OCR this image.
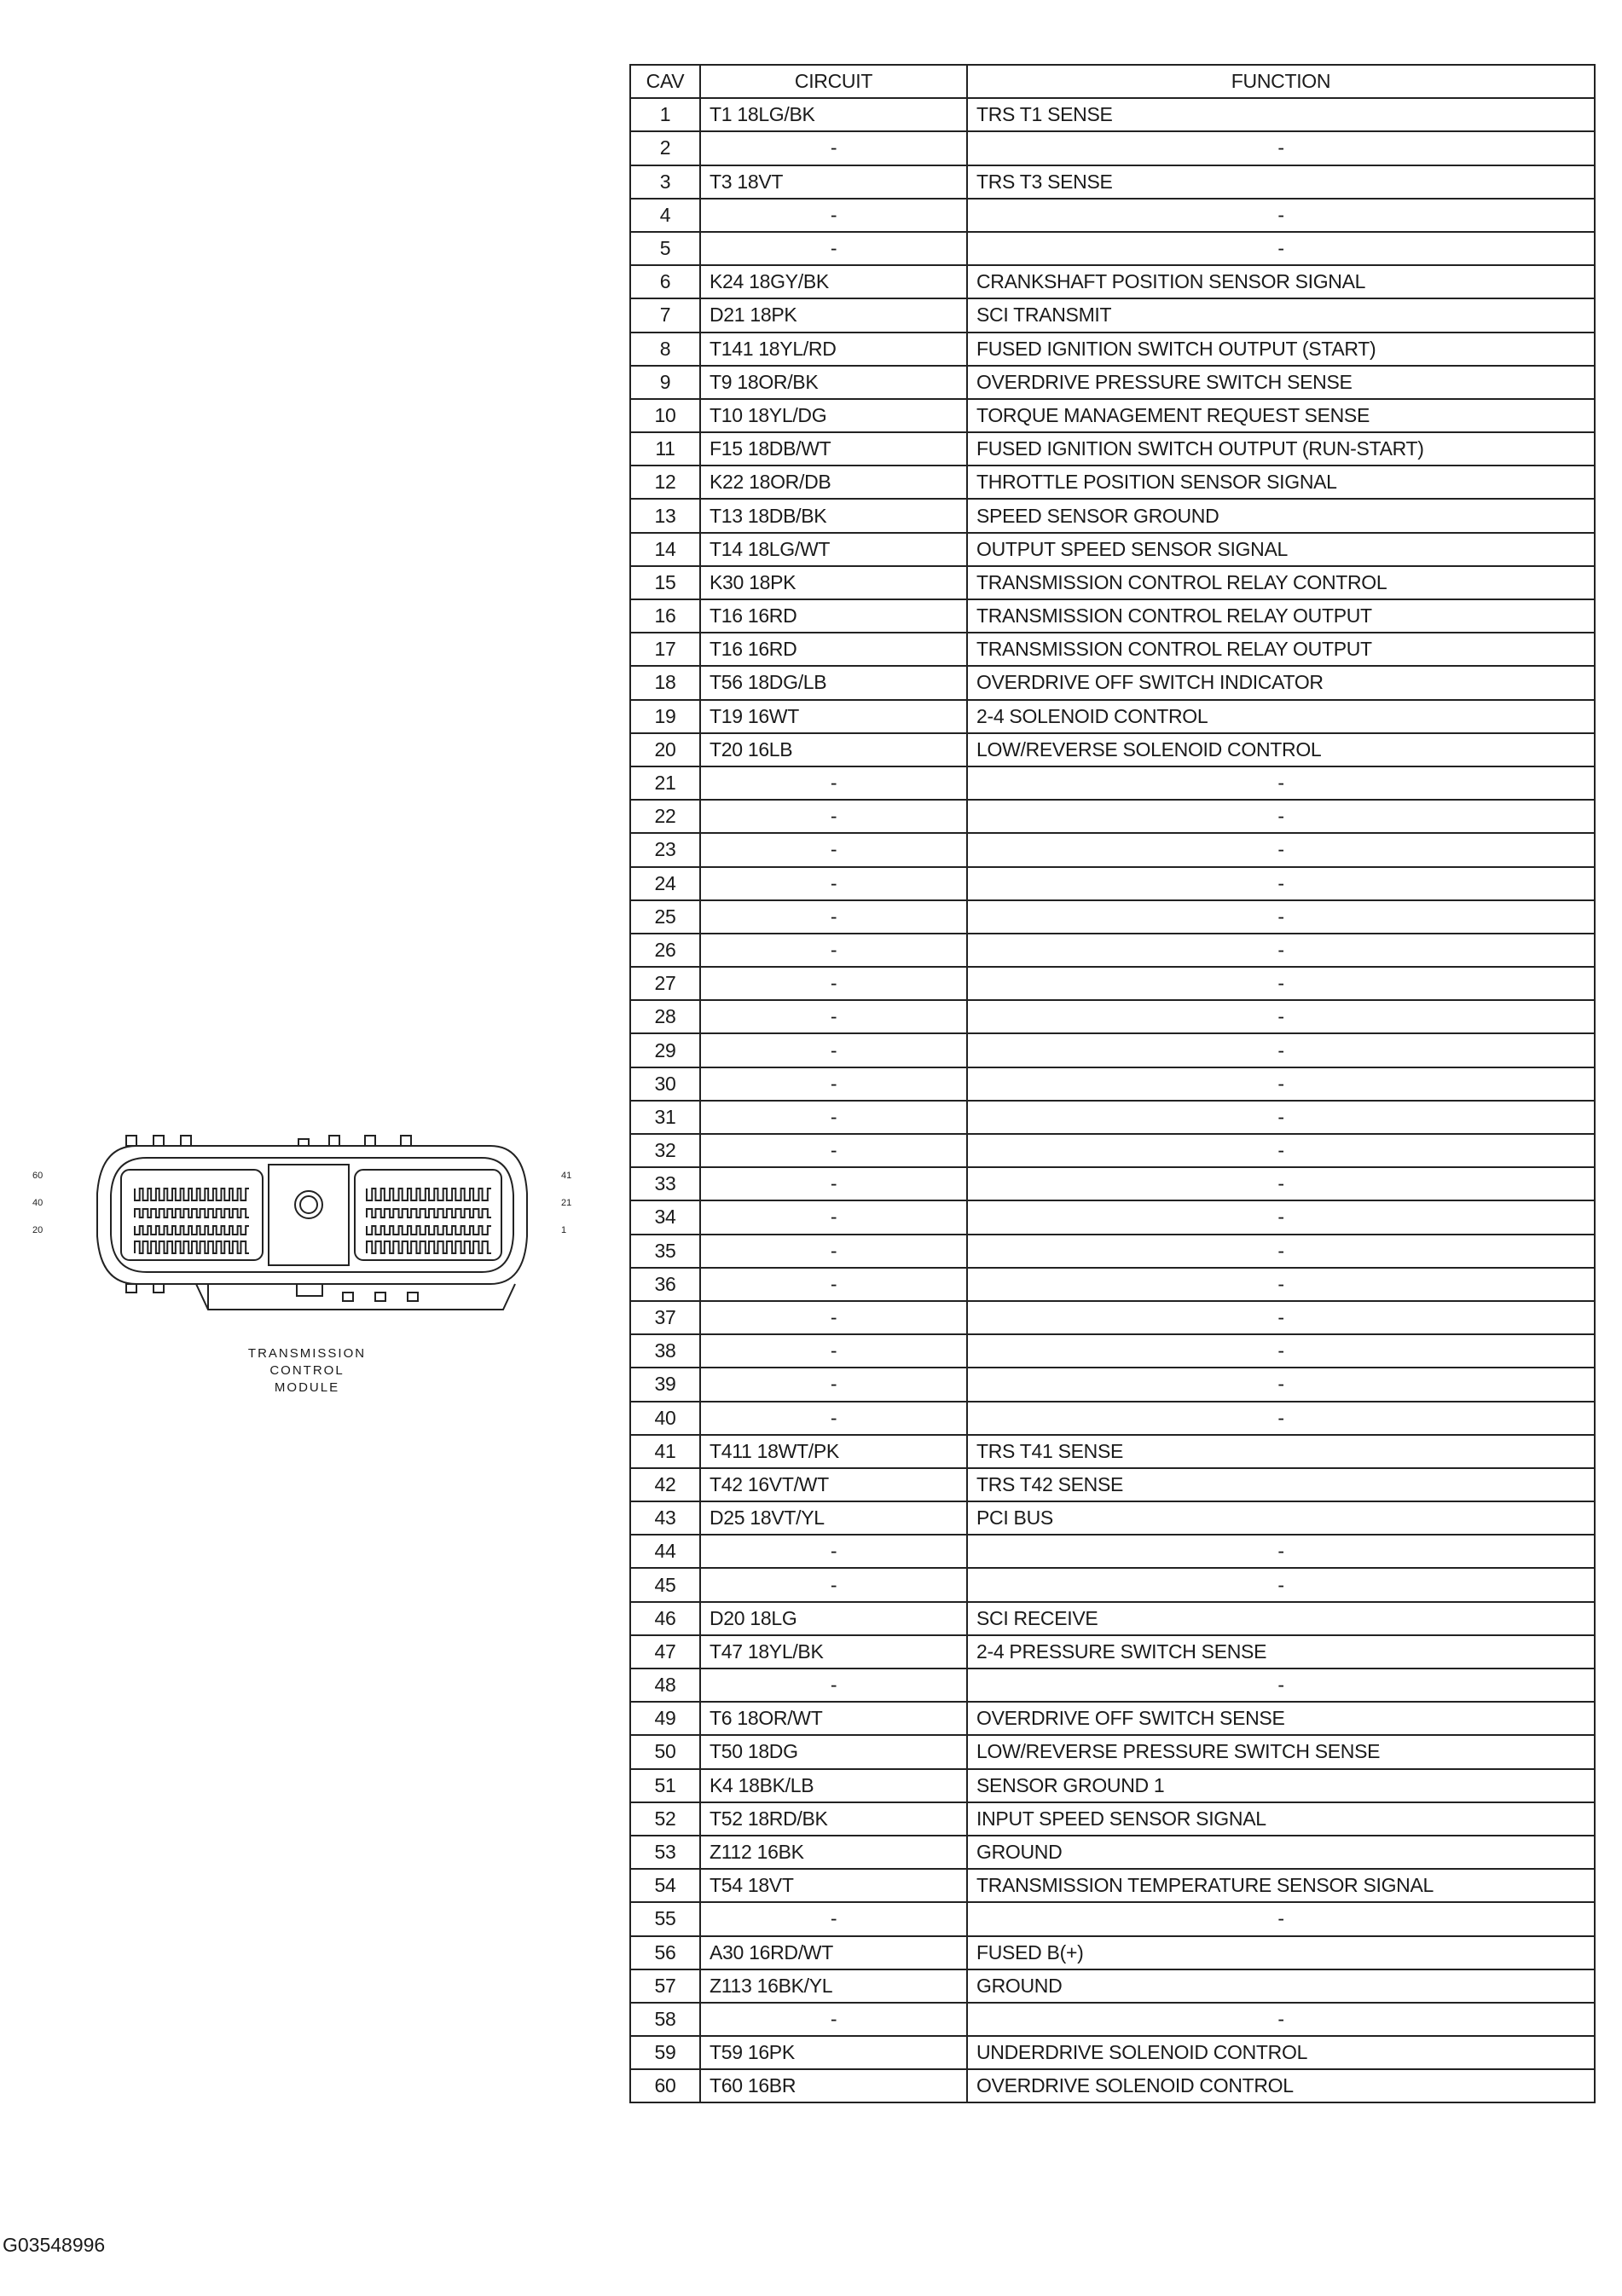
CAV	CIRCUIT	FUNCTION
1	T1 18LG/BK	TRS T1 SENSE
2	-	-
3	T3 18VT	TRS T3 SENSE
4	-	-
5	-	-
6	K24 18GY/BK	CRANKSHAFT POSITION SENSOR SIGNAL
7	D21 18PK	SCI TRANSMIT
8	T141 18YL/RD	FUSED IGNITION SWITCH OUTPUT (START)
9	T9 18OR/BK	OVERDRIVE PRESSURE SWITCH SENSE
10	T10 18YL/DG	TORQUE MANAGEMENT REQUEST SENSE
11	F15 18DB/WT	FUSED IGNITION SWITCH OUTPUT (RUN-START)
12	K22 18OR/DB	THROTTLE POSITION SENSOR SIGNAL
13	T13 18DB/BK	SPEED SENSOR GROUND
14	T14 18LG/WT	OUTPUT SPEED SENSOR SIGNAL
15	K30 18PK	TRANSMISSION CONTROL RELAY CONTROL
16	T16 16RD	TRANSMISSION CONTROL RELAY OUTPUT
17	T16 16RD	TRANSMISSION CONTROL RELAY OUTPUT
18	T56 18DG/LB	OVERDRIVE OFF SWITCH INDICATOR
19	T19 16WT	2-4 SOLENOID CONTROL
20	T20 16LB	LOW/REVERSE SOLENOID CONTROL
21	-	-
22	-	-
23	-	-
24	-	-
25	-	-
26	-	-
27	-	-
28	-	-
29	-	-
30	-	-
31	-	-
32	-	-
33	-	-
34	-	-
35	-	-
36	-	-
37	-	-
38	-	-
39	-	-
40	-	-
41	T411 18WT/PK	TRS T41 SENSE
42	T42 16VT/WT	TRS T42 SENSE
43	D25 18VT/YL	PCI BUS
44	-	-
45	-	-
46	D20 18LG	SCI RECEIVE
47	T47 18YL/BK	2-4 PRESSURE SWITCH SENSE
48	-	-
49	T6 18OR/WT	OVERDRIVE OFF SWITCH SENSE
50	T50 18DG	LOW/REVERSE PRESSURE SWITCH SENSE
51	K4 18BK/LB	SENSOR GROUND 1
52	T52 18RD/BK	INPUT SPEED SENSOR SIGNAL
53	Z112 16BK	GROUND
54	T54 18VT	TRANSMISSION TEMPERATURE SENSOR SIGNAL
55	-	-
56	A30 16RD/WT	FUSED B(+)
57	Z113 16BK/YL	GROUND
58	-	-
59	T59 16PK	UNDERDRIVE SOLENOID CONTROL
60	T60 16BR	OVERDRIVE SOLENOID CONTROL
60
40
20
41
21
1
TRANSMISSION
CONTROL
MODULE
G03548996
